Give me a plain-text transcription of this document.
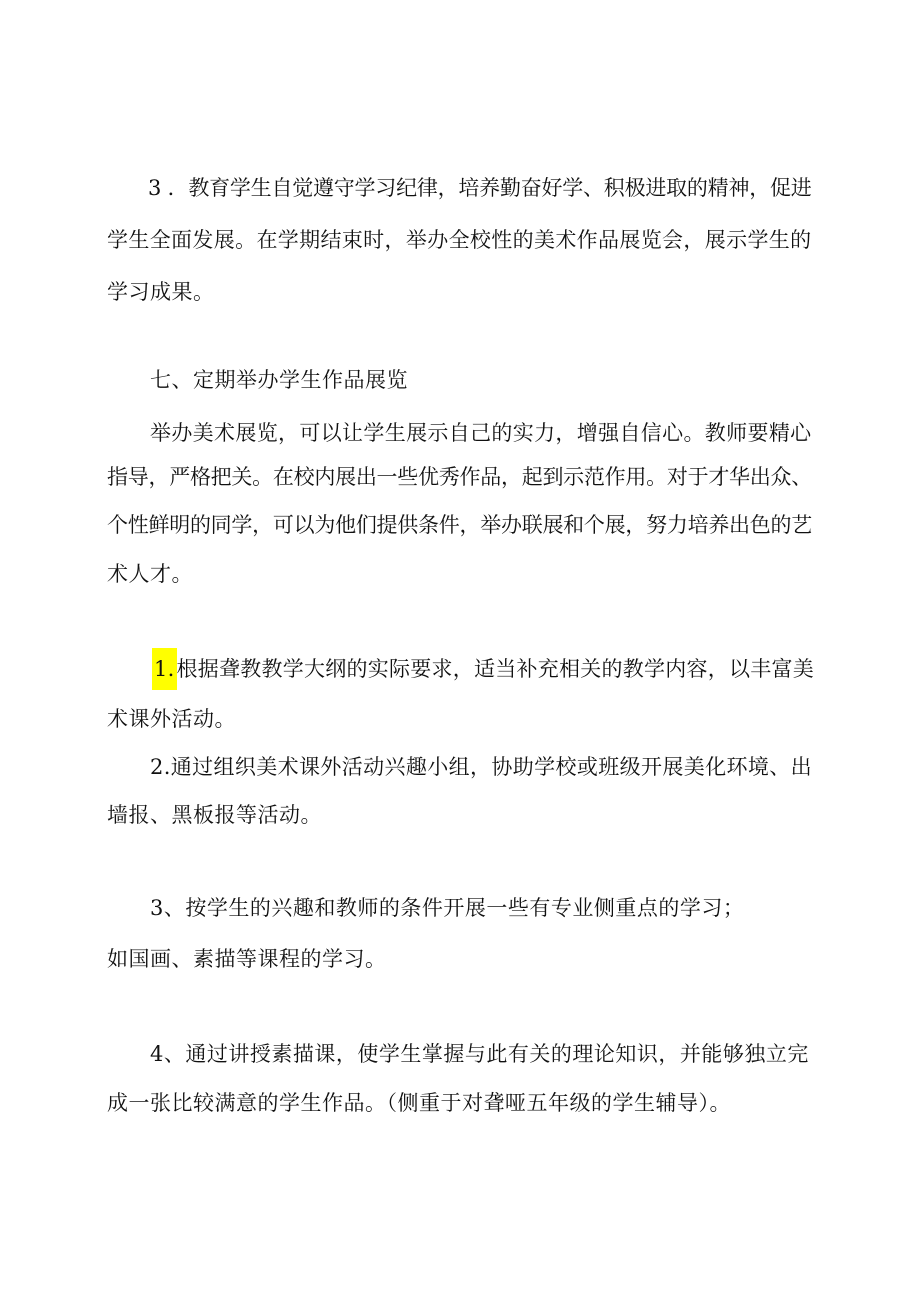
3 ．教育学生自觉遵守学习纪律，培养勤奋好学、积极进取的精神，促进
学生全面发展。在学期结束时，举办全校性的美术作品展览会，展示学生的
学习成果。
七、定期举办学生作品展览
举办美术展览，可以让学生展示自己的实力，增强自信心。教师要精心
指导，严格把关。在校内展出一些优秀作品，起到示范作用。对于才华出众、
个性鲜明的同学，可以为他们提供条件，举办联展和个展，努力培养出色的艺
术人才。
1.根据聋教教学大纲的实际要求，适当补充相关的教学内容，以丰富美
术课外活动。
2.通过组织美术课外活动兴趣小组，协助学校或班级开展美化环境、出
墙报、黑板报等活动。
3、按学生的兴趣和教师的条件开展一些有专业侧重点的学习；
如国画、素描等课程的学习。
4、通过讲授素描课，使学生掌握与此有关的理论知识，并能够独立完
成一张比较满意的学生作品。（侧重于对聋哑五年级的学生辅导）。
